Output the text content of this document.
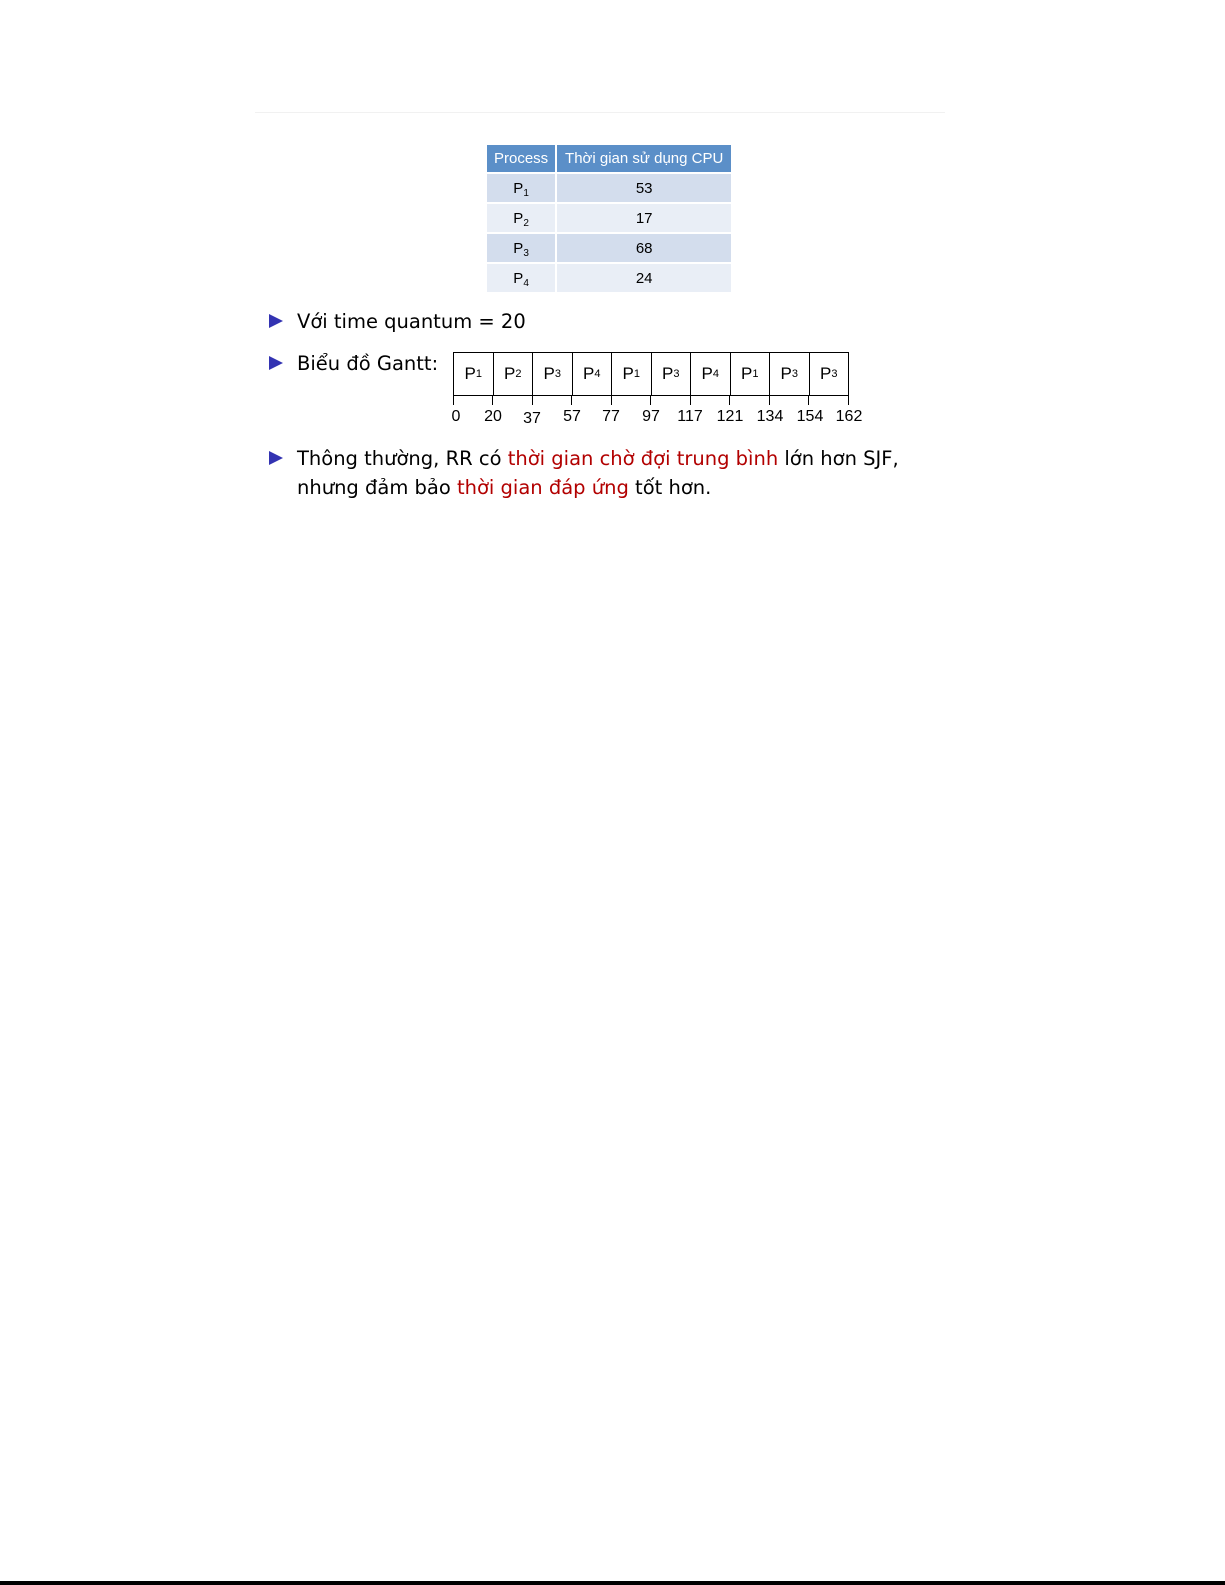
Process	Thời gian sử dụng CPU
$P_1$	53
$P_2$	17
$P_3$	68
$P_4$	24
Với time quantum = 20
Biểu đồ Gantt: P 1 P 2 P 3 P 4 P 1 P 3 P 4 P 1 P 3 P 3
0 20 37 57 77 97 117 121 134 154 162
Thông thường, RR có thời gian chờ đợi trung bình lớn hơn SJF,
nhưng đảm bảo thời gian đáp ứng tốt hơn.
